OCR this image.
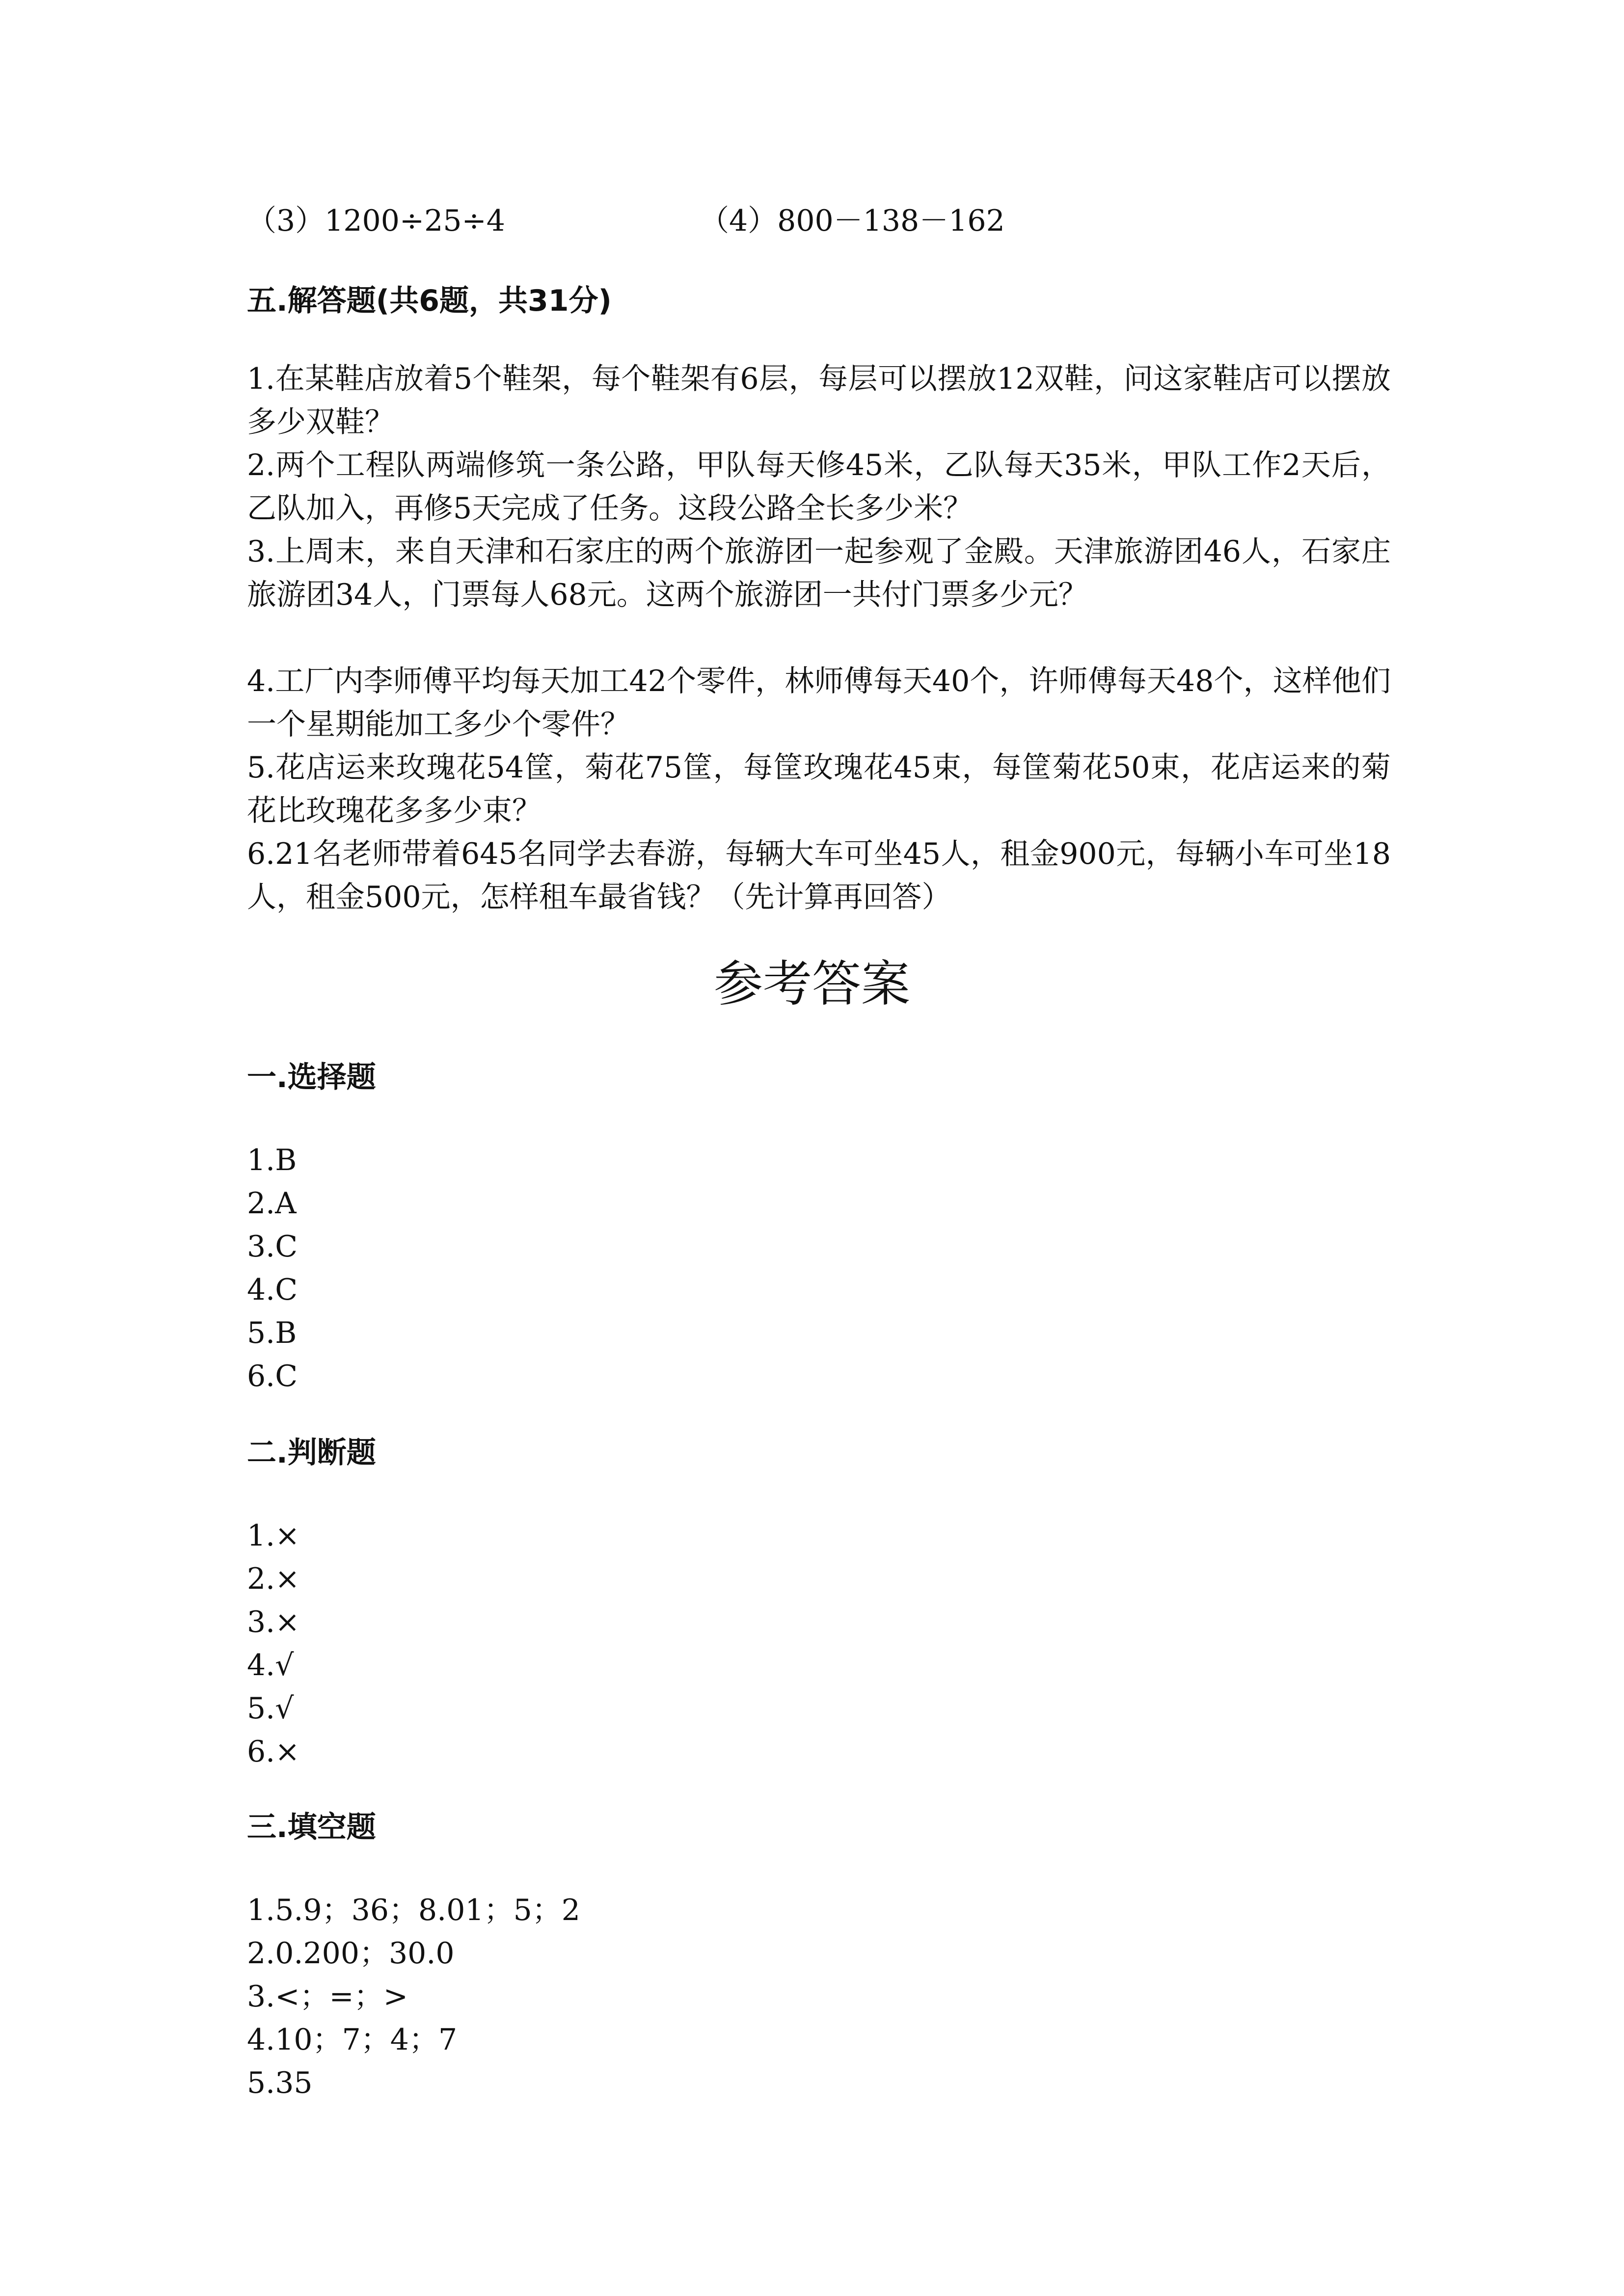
（3）1200÷25÷4	（4）800－138－162
五.解答题(共6题，共31分)

1.在某鞋店放着5个鞋架，每个鞋架有6层，每层可以摆放12双鞋，问这家鞋店可以摆放多少双鞋？

2.两个工程队两端修筑一条公路，甲队每天修45米，乙队每天35米，甲队工作2天后，乙队加入，再修5天完成了任务。这段公路全长多少米？

3.上周末，来自天津和石家庄的两个旅游团一起参观了金殿。天津旅游团46人，石家庄旅游团34人，门票每人68元。这两个旅游团一共付门票多少元？

4.工厂内李师傅平均每天加工42个零件，林师傅每天40个，许师傅每天48个，这样他们一个星期能加工多少个零件？

5.花店运来玫瑰花54筐，菊花75筐，每筐玫瑰花45束，每筐菊花50束，花店运来的菊花比玫瑰花多多少束？

6.21名老师带着645名同学去春游，每辆大车可坐45人，租金900元，每辆小车可坐18人，租金500元，怎样租车最省钱？（先计算再回答）

参考答案
一.选择题
1.B
2.A
3.C
4.C
5.B
6.C
二.判断题
1.×
2.×
3.×
4.√
5.√
6.×
三.填空题
1.5.9；36；8.01；5；2
2.0.200；30.0
3.<；=；>
4.10；7；4；7
5.35
